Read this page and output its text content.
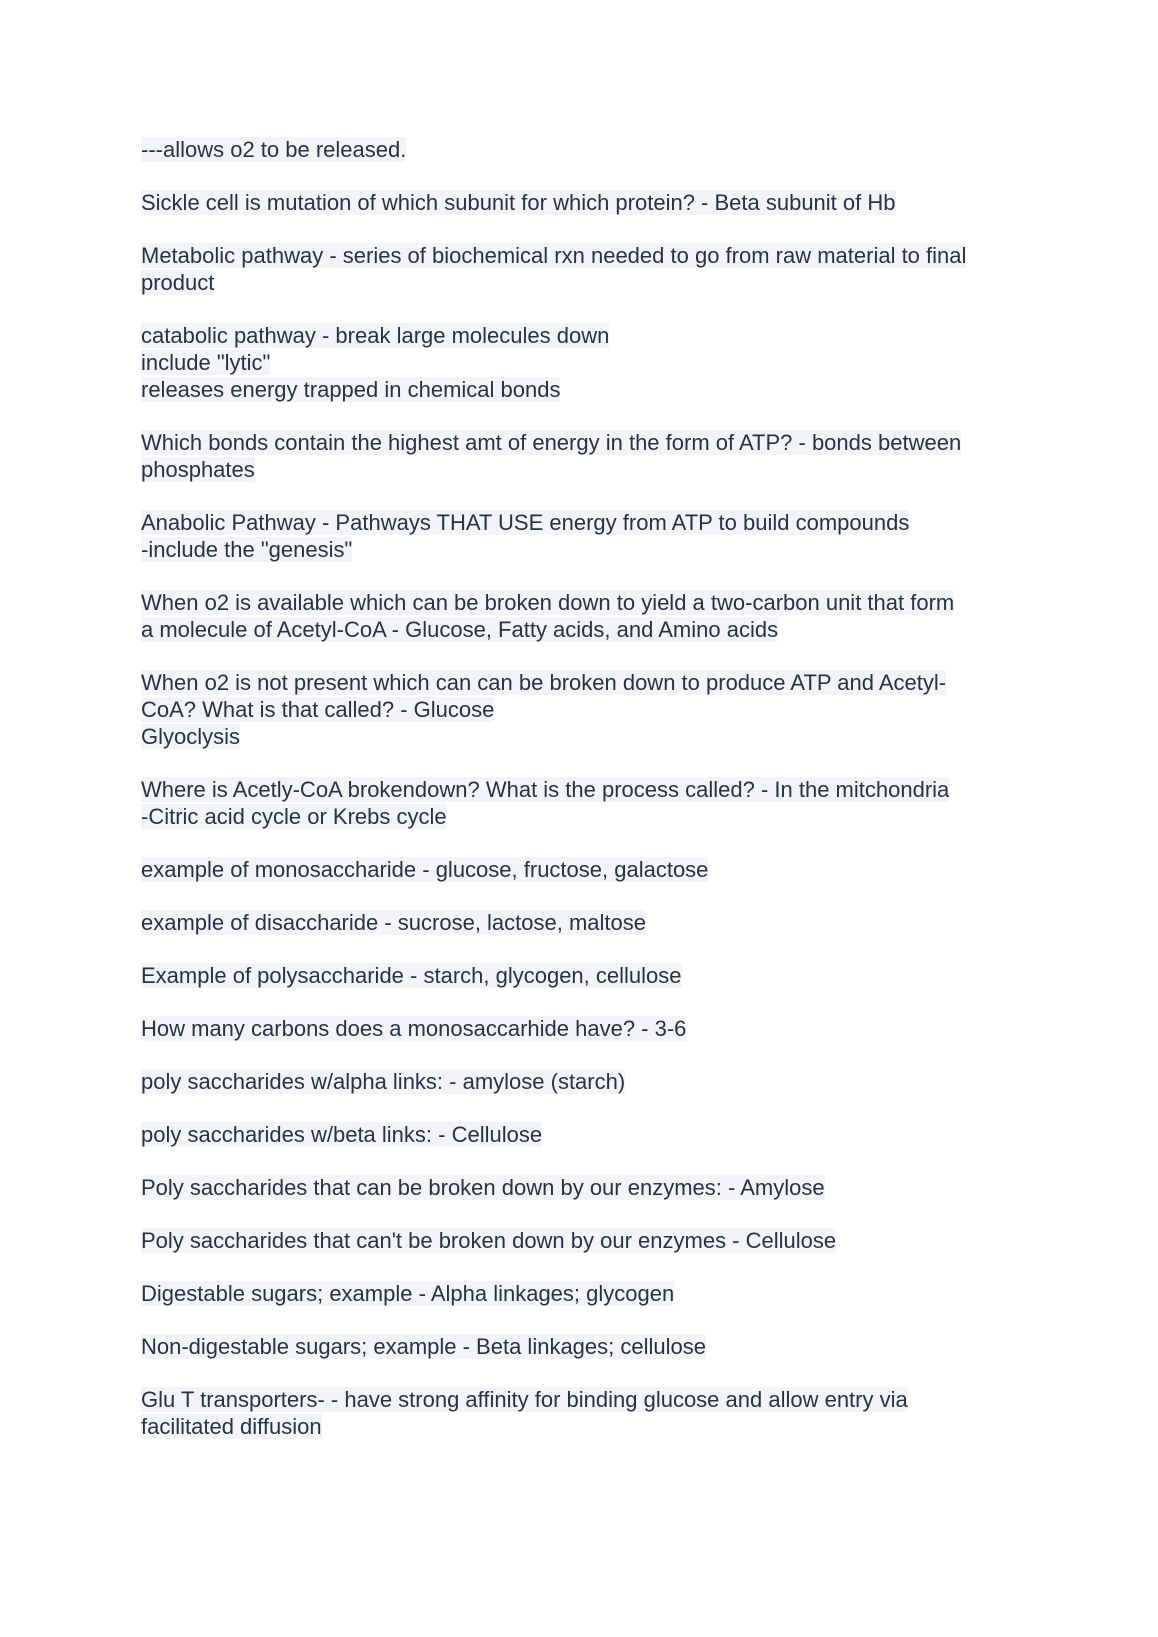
---allows o2 to be released.
Sickle cell is mutation of which subunit for which protein? - Beta subunit of Hb
Metabolic pathway - series of biochemical rxn needed to go from raw material to final
product
catabolic pathway - break large molecules down
include "lytic"
releases energy trapped in chemical bonds
Which bonds contain the highest amt of energy in the form of ATP? - bonds between
phosphates
Anabolic Pathway - Pathways THAT USE energy from ATP to build compounds
-include the "genesis"
When o2 is available which can be broken down to yield a two-carbon unit that form
a molecule of Acetyl-CoA - Glucose, Fatty acids, and Amino acids
When o2 is not present which can can be broken down to produce ATP and Acetyl-
CoA? What is that called? - Glucose
Glyoclysis
Where is Acetly-CoA brokendown? What is the process called? - In the mitchondria
-Citric acid cycle or Krebs cycle
example of monosaccharide - glucose, fructose, galactose
example of disaccharide - sucrose, lactose, maltose
Example of polysaccharide - starch, glycogen, cellulose
How many carbons does a monosaccarhide have? - 3-6
poly saccharides w/alpha links: - amylose (starch)
poly saccharides w/beta links: - Cellulose
Poly saccharides that can be broken down by our enzymes: - Amylose
Poly saccharides that can't be broken down by our enzymes - Cellulose
Digestable sugars; example - Alpha linkages; glycogen
Non-digestable sugars; example - Beta linkages; cellulose
Glu T transporters- - have strong affinity for binding glucose and allow entry via
facilitated diffusion
